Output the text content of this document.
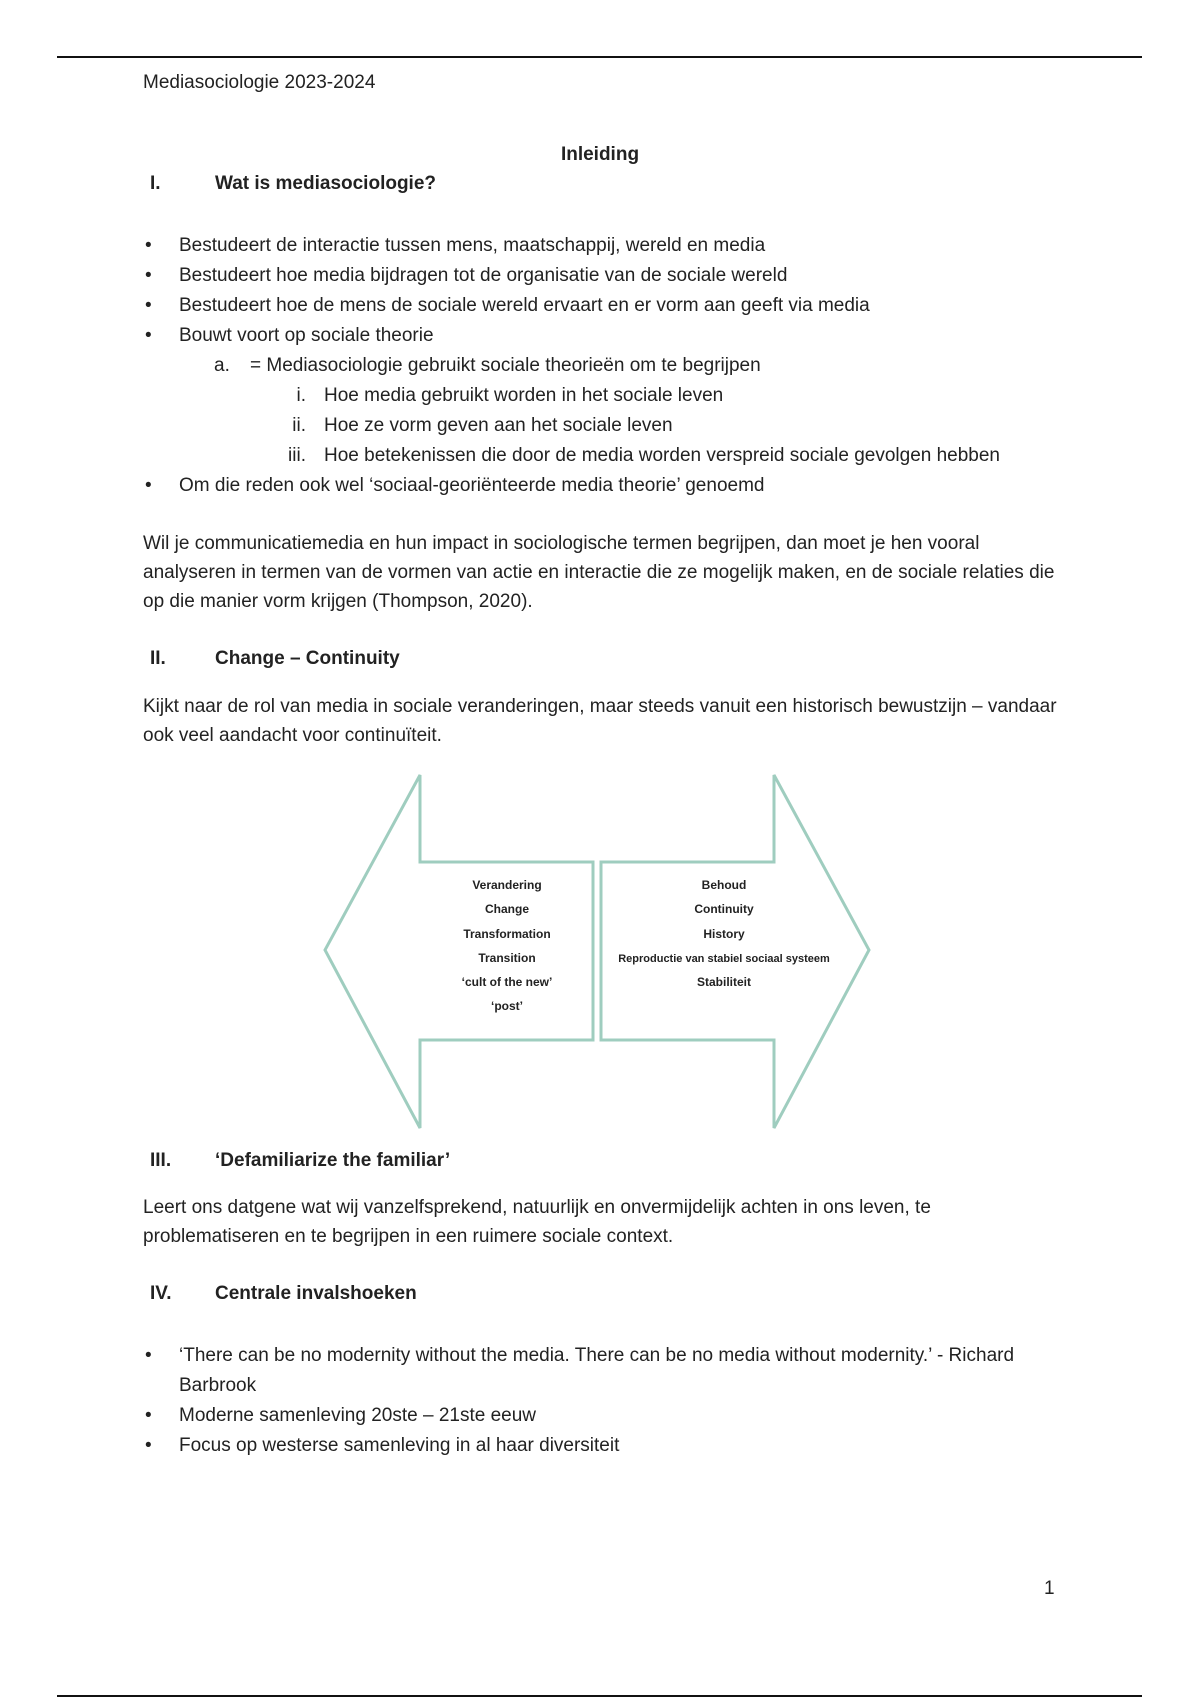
Mediasociologie 2023-2024
Inleiding
I.	Wat is mediasociologie?
• Bestudeert de interactie tussen mens, maatschappij, wereld en media
• Bestudeert hoe media bijdragen tot de organisatie van de sociale wereld
• Bestudeert hoe de mens de sociale wereld ervaart en er vorm aan geeft via media
• Bouwt voort op sociale theorie
a. = Mediasociologie gebruikt sociale theorieën om te begrijpen
i. Hoe media gebruikt worden in het sociale leven
ii. Hoe ze vorm geven aan het sociale leven
iii. Hoe betekenissen die door de media worden verspreid sociale gevolgen hebben
• Om die reden ook wel ‘sociaal-georiënteerde media theorie’ genoemd
Wil je communicatiemedia en hun impact in sociologische termen begrijpen, dan moet je hen vooral analyseren in termen van de vormen van actie en interactie die ze mogelijk maken, en de sociale relaties die op die manier vorm krijgen (Thompson, 2020).
II.	Change – Continuity
Kijkt naar de rol van media in sociale veranderingen, maar steeds vanuit een historisch bewustzijn – vandaar ook veel aandacht voor continuïteit.
Verandering
Change
Transformation
Transition
‘cult of the new’
‘post’
Behoud
Continuity
History
Reproductie van stabiel sociaal systeem
Stabiliteit
III. ‘Defamiliarize the familiar’
Leert ons datgene wat wij vanzelfsprekend, natuurlijk en onvermijdelijk achten in ons leven, te problematiseren en te begrijpen in een ruimere sociale context.
IV. Centrale invalshoeken
• ‘There can be no modernity without the media. There can be no media without modernity.’ - Richard Barbrook
• Moderne samenleving 20ste – 21ste eeuw
• Focus op westerse samenleving in al haar diversiteit
1
